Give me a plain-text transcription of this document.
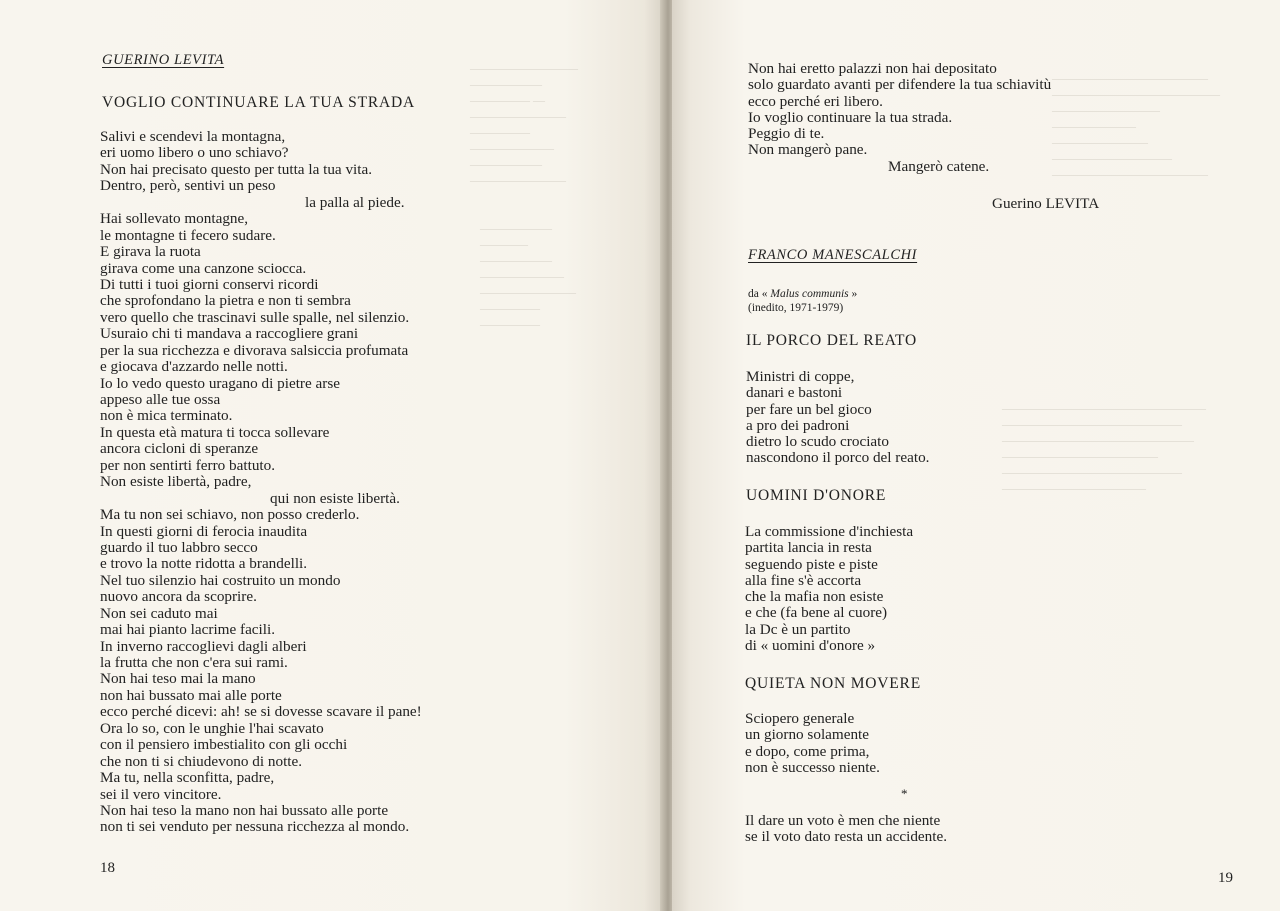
—————————
——————
————— —
————————
—————
———————
——————
————————
——————
————
——————
———————
————————
—————
—————
GUERINO LEVITA
VOGLIO CONTINUARE LA TUA STRADA
Salivi e scendevi la montagna,
eri uomo libero o uno schiavo?
Non hai precisato questo per tutta la tua vita.
Dentro, però, sentivi un peso
la palla al piede.
Hai sollevato montagne,
le montagne ti fecero sudare.
E girava la ruota
girava come una canzone sciocca.
Di tutti i tuoi giorni conservi ricordi
che sprofondano la pietra e non ti sembra
vero quello che trascinavi sulle spalle, nel silenzio.
Usuraio chi ti mandava a raccogliere grani
per la sua ricchezza e divorava salsiccia profumata
e giocava d'azzardo nelle notti.
Io lo vedo questo uragano di pietre arse
appeso alle tue ossa
non è mica terminato.
In questa età matura ti tocca sollevare
ancora cicloni di speranze
per non sentirti ferro battuto.
Non esiste libertà, padre,
qui non esiste libertà.
Ma tu non sei schiavo, non posso crederlo.
In questi giorni di ferocia inaudita
guardo il tuo labbro secco
e trovo la notte ridotta a brandelli.
Nel tuo silenzio hai costruito un mondo
nuovo ancora da scoprire.
Non sei caduto mai
mai hai pianto lacrime facili.
In inverno raccoglievi dagli alberi
la frutta che non c'era sui rami.
Non hai teso mai la mano
non hai bussato mai alle porte
ecco perché dicevi: ah! se si dovesse scavare il pane!
Ora lo so, con le unghie l'hai scavato
con il pensiero imbestialito con gli occhi
che non ti si chiudevono di notte.
Ma tu, nella sconfitta, padre,
sei il vero vincitore.
Non hai teso la mano non hai bussato alle porte
non ti sei venduto per nessuna ricchezza al mondo.
18
—————————————
——————————————
—————————
———————
————————
——————————
—————————————
—————————————————
———————————————
————————————————
—————————————
———————————————
————————————
Non hai eretto palazzi non hai depositato
solo guardato avanti per difendere la tua schiavitù
ecco perché eri libero.
Io voglio continuare la tua strada.
Peggio di te.
Non mangerò pane.
Mangerò catene.
Guerino LEVITA
FRANCO MANESCALCHI
da « Malus communis »
(inedito, 1971-1979)
IL PORCO DEL REATO
Ministri di coppe,
danari e bastoni
per fare un bel gioco
a pro dei padroni
dietro lo scudo crociato
nascondono il porco del reato.
UOMINI D'ONORE
La commissione d'inchiesta
partita lancia in resta
seguendo piste e piste
alla fine s'è accorta
che la mafia non esiste
e che (fa bene al cuore)
la Dc è un partito
di « uomini d'onore »
QUIETA NON MOVERE
Sciopero generale
un giorno solamente
e dopo, come prima,
non è successo niente.
*
Il dare un voto è men che niente
se il voto dato resta un accidente.
19
